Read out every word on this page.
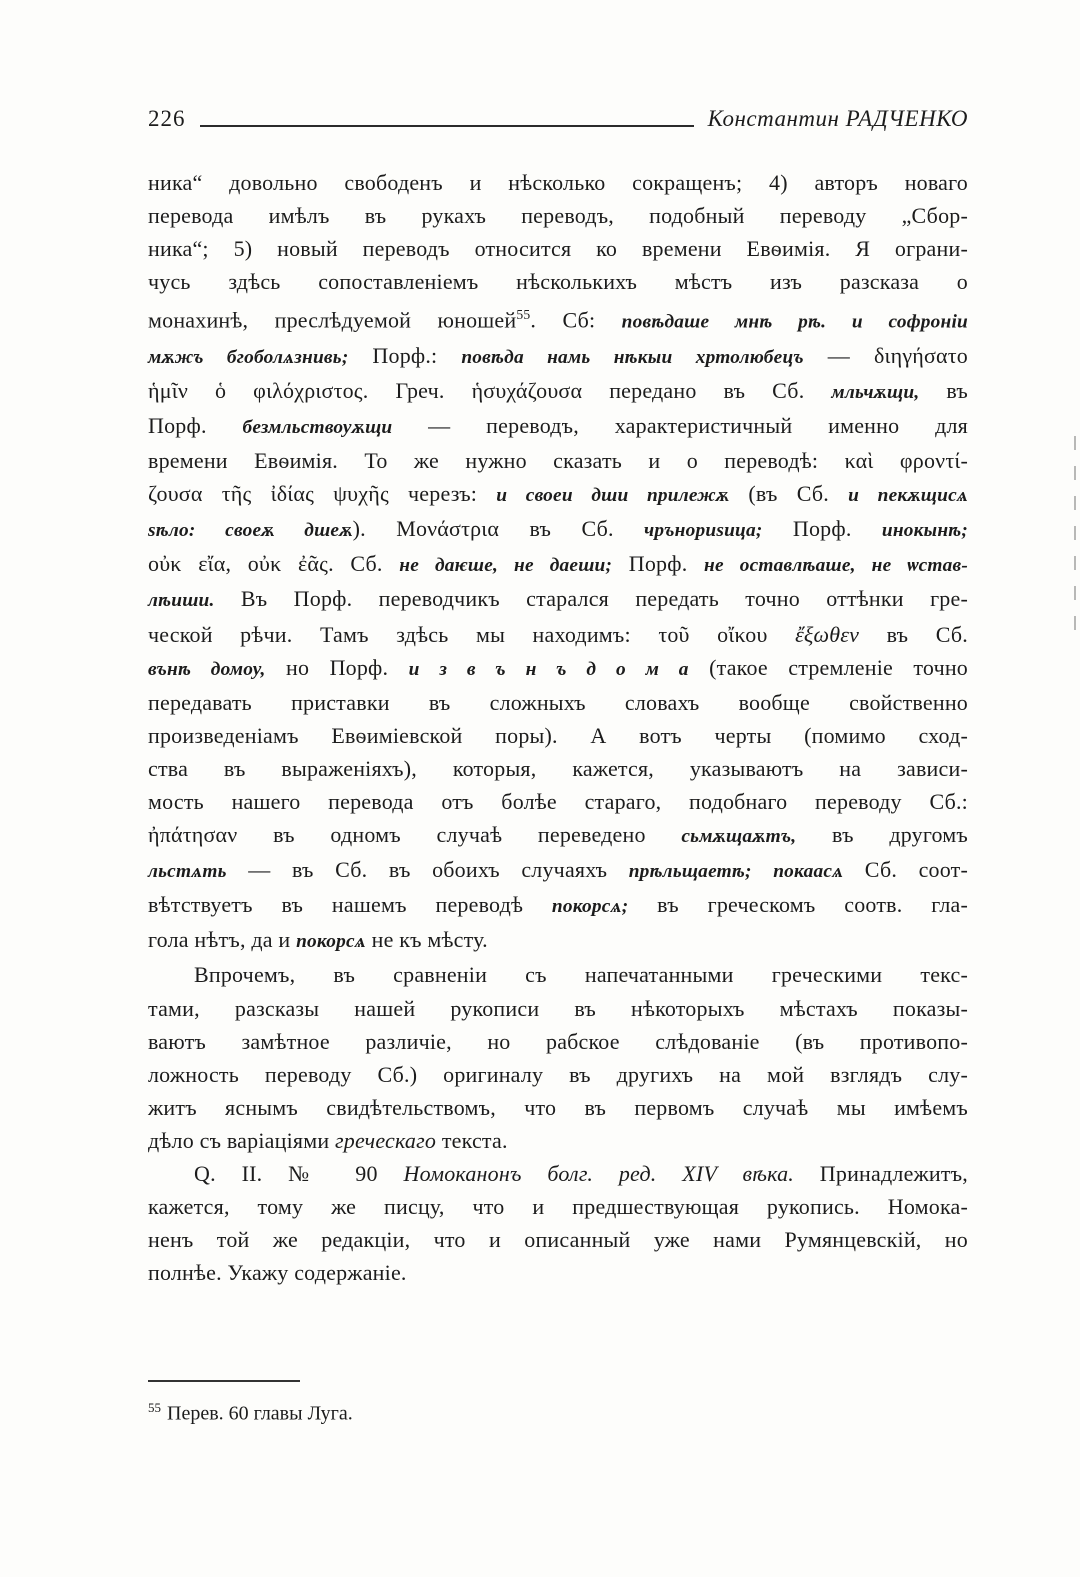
226	Константин РАДЧЕНКО
ника“ довольно свободенъ и нѣсколько сокращенъ; 4) авторъ новаго
перевода имѣлъ въ рукахъ переводъ, подобный переводу „Сбор-
ника“; 5) новый переводъ относится ко времени Евѳимія. Я ограни-
чусь здѣсь сопоставленіемъ нѣсколькихъ мѣстъ изъ разсказа о
монахинѣ, преслѣдуемой юношей$^{55}$. Сб: повѣдаше мнѣ рѣ. и софроніи
мѫжъ бгоболѧзнивь; Порф.: повѣда намь нѣкыи хртолюбецъ — διηγήσατο
ἡμῖν ὁ φιλόχριστος. Греч. ἡσυχάζουσα передано въ Сб. мльчѫщи, въ
Порф. безмльствоуѫщи — переводъ, характеристичный именно для
времени Евѳимія. То же нужно сказать и о переводѣ: καὶ φροντί-
ζουσα τῆς ἰδίας ψυχῆς черезъ: и своеи дши прилежѫ (въ Сб. и пекѫщисѧ
ѕѣло: своеѫ дшеѫ). Μονάστρια въ Сб. чрънориѕица; Порф. инокынѣ;
οὐκ εἴα, οὐκ ἐᾶς. Сб. не даѥше, не даеши; Порф. не оставлѣаше, не ѡстав-
лѣиши. Въ Порф. переводчикъ старался передать точно оттѣнки гре-
ческой рѣчи. Тамъ здѣсь мы находимъ: τοῦ οἴκου ἔξωθεν въ Сб.
вънѣ домоу, но Порф. и з в ъ н ъ д о м а (такое стремленіе точно
передавать приставки въ сложныхъ словахъ вообще свойственно
произведеніамъ Евѳиміевской поры). А вотъ черты (помимо сход-
ства въ выраженіяхъ), которыя, кажется, указываютъ на зависи-
мость нашего перевода отъ болѣе стараго, подобнаго переводу Сб.:
ἠπάτησαν въ одномъ случаѣ переведено сьмѫщаѫтъ, въ другомъ
льстѧть — въ Сб. въ обоихъ случаяхъ прѣльщаетѣ; покаасѧ Сб. соот-
вѣтствуетъ въ нашемъ переводѣ покорсѧ; въ греческомъ соотв. гла-
гола нѣтъ, да и покорсѧ не къ мѣсту.
Впрочемъ, въ сравненіи съ напечатанными греческими текс-
тами, разсказы нашей рукописи въ нѣкоторыхъ мѣстахъ показы-
ваютъ замѣтное различіе, но рабское слѣдованіе (въ противопо-
ложность переводу Сб.) оригиналу въ другихъ на мой взглядъ слу-
житъ яснымъ свидѣтельствомъ, что въ первомъ случаѣ мы имѣемъ
дѣло съ варіаціями греческаго текста.
Q. II. № 90 Номоканонъ болг. ред. XIV вѣка. Принадлежитъ,
кажется, тому же писцу, что и предшествующая рукопись. Номока-
ненъ той же редакціи, что и описанный уже нами Румянцевскій, но
полнѣе. Укажу содержаніе.
$^{55}$ Перев. 60 главы Луга.
